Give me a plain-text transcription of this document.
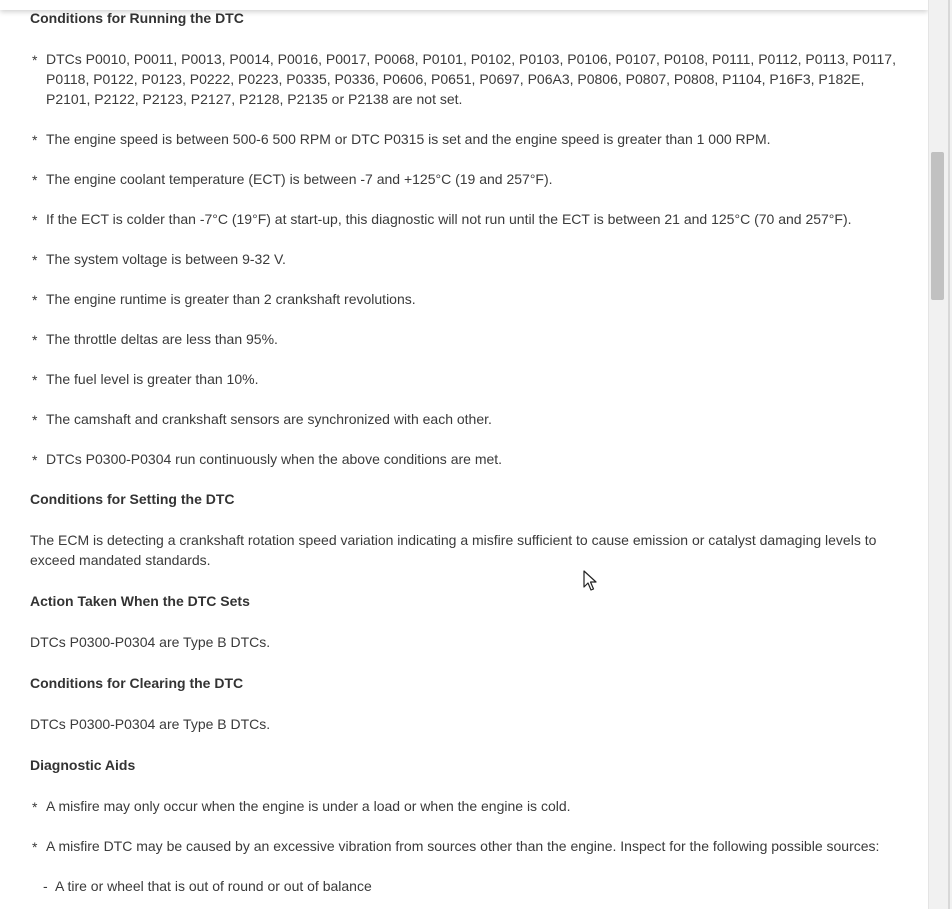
Conditions for Running the DTC
* DTCs P0010, P0011, P0013, P0014, P0016, P0017, P0068, P0101, P0102, P0103, P0106, P0107, P0108, P0111, P0112, P0113, P0117, P0118, P0122, P0123, P0222, P0223, P0335, P0336, P0606, P0651, P0697, P06A3, P0806, P0807, P0808, P1104, P16F3, P182E, P2101, P2122, P2123, P2127, P2128, P2135 or P2138 are not set.
* The engine speed is between 500-6 500 RPM or DTC P0315 is set and the engine speed is greater than 1 000 RPM.
* The engine coolant temperature (ECT) is between -7 and +125°C (19 and 257°F).
* If the ECT is colder than -7°C (19°F) at start-up, this diagnostic will not run until the ECT is between 21 and 125°C (70 and 257°F).
* The system voltage is between 9-32 V.
* The engine runtime is greater than 2 crankshaft revolutions.
* The throttle deltas are less than 95%.
* The fuel level is greater than 10%.
* The camshaft and crankshaft sensors are synchronized with each other.
* DTCs P0300-P0304 run continuously when the above conditions are met.
Conditions for Setting the DTC
The ECM is detecting a crankshaft rotation speed variation indicating a misfire sufficient to cause emission or catalyst damaging levels to exceed mandated standards.
Action Taken When the DTC Sets
DTCs P0300-P0304 are Type B DTCs.
Conditions for Clearing the DTC
DTCs P0300-P0304 are Type B DTCs.
Diagnostic Aids
* A misfire may only occur when the engine is under a load or when the engine is cold.
* A misfire DTC may be caused by an excessive vibration from sources other than the engine. Inspect for the following possible sources:
- A tire or wheel that is out of round or out of balance
